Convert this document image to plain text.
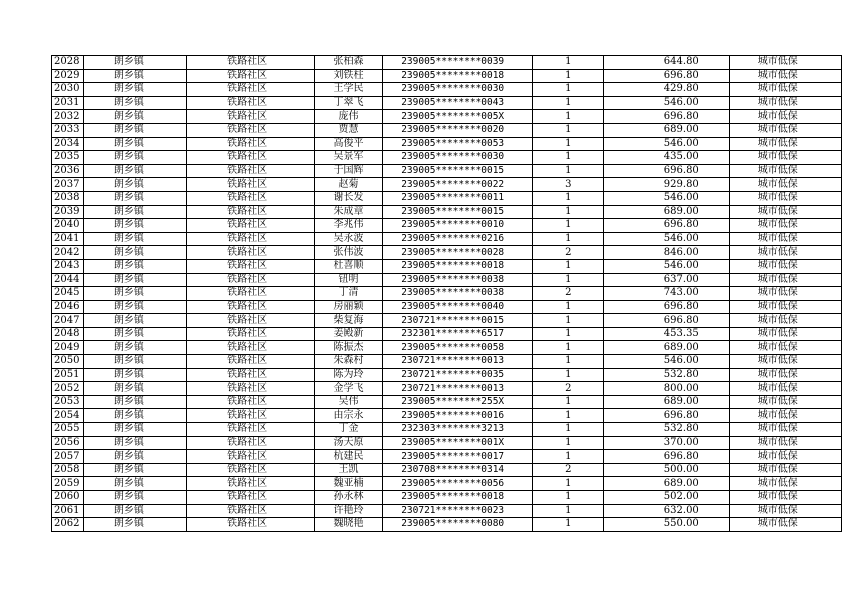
2028	朗乡镇	铁路社区	张柏森	239005********0039	1	644.80	城市低保
2029	朗乡镇	铁路社区	刘铁柱	239005********0018	1	696.80	城市低保
2030	朗乡镇	铁路社区	王学民	239005********0030	1	429.80	城市低保
2031	朗乡镇	铁路社区	丁翠飞	239005********0043	1	546.00	城市低保
2032	朗乡镇	铁路社区	庞伟	239005********005X	1	696.80	城市低保
2033	朗乡镇	铁路社区	贾慧	239005********0020	1	689.00	城市低保
2034	朗乡镇	铁路社区	高俊平	239005********0053	1	546.00	城市低保
2035	朗乡镇	铁路社区	吴景军	239005********0030	1	435.00	城市低保
2036	朗乡镇	铁路社区	于国辉	239005********0015	1	696.80	城市低保
2037	朗乡镇	铁路社区	赵菊	239005********0022	3	929.80	城市低保
2038	朗乡镇	铁路社区	谢长发	239005********0011	1	546.00	城市低保
2039	朗乡镇	铁路社区	朱成章	239005********0015	1	689.00	城市低保
2040	朗乡镇	铁路社区	李兆伟	239005********0010	1	696.80	城市低保
2041	朗乡镇	铁路社区	吴永波	239005********0216	1	546.00	城市低保
2042	朗乡镇	铁路社区	张伟波	239005********0028	2	846.00	城市低保
2043	朗乡镇	铁路社区	杜喜顺	239005********0018	1	546.00	城市低保
2044	朗乡镇	铁路社区	钮明	239005********0038	1	637.00	城市低保
2045	朗乡镇	铁路社区	丁清	239005********0038	2	743.00	城市低保
2046	朗乡镇	铁路社区	房丽颖	239005********0040	1	696.80	城市低保
2047	朗乡镇	铁路社区	柴复海	230721********0015	1	696.80	城市低保
2048	朗乡镇	铁路社区	姜殿新	232301********6517	1	453.35	城市低保
2049	朗乡镇	铁路社区	陈振杰	239005********0058	1	689.00	城市低保
2050	朗乡镇	铁路社区	朱森村	230721********0013	1	546.00	城市低保
2051	朗乡镇	铁路社区	陈为玲	230721********0035	1	532.80	城市低保
2052	朗乡镇	铁路社区	金学飞	230721********0013	2	800.00	城市低保
2053	朗乡镇	铁路社区	吴伟	239005********255X	1	689.00	城市低保
2054	朗乡镇	铁路社区	由宗永	239005********0016	1	696.80	城市低保
2055	朗乡镇	铁路社区	丁金	232303********3213	1	532.80	城市低保
2056	朗乡镇	铁路社区	汤天原	239005********001X	1	370.00	城市低保
2057	朗乡镇	铁路社区	杭建民	239005********0017	1	696.80	城市低保
2058	朗乡镇	铁路社区	王凯	230708********0314	2	500.00	城市低保
2059	朗乡镇	铁路社区	魏亚楠	239005********0056	1	689.00	城市低保
2060	朗乡镇	铁路社区	孙永林	239005********0018	1	502.00	城市低保
2061	朗乡镇	铁路社区	许艳玲	230721********0023	1	632.00	城市低保
2062	朗乡镇	铁路社区	魏晓艳	239005********0080	1	550.00	城市低保
